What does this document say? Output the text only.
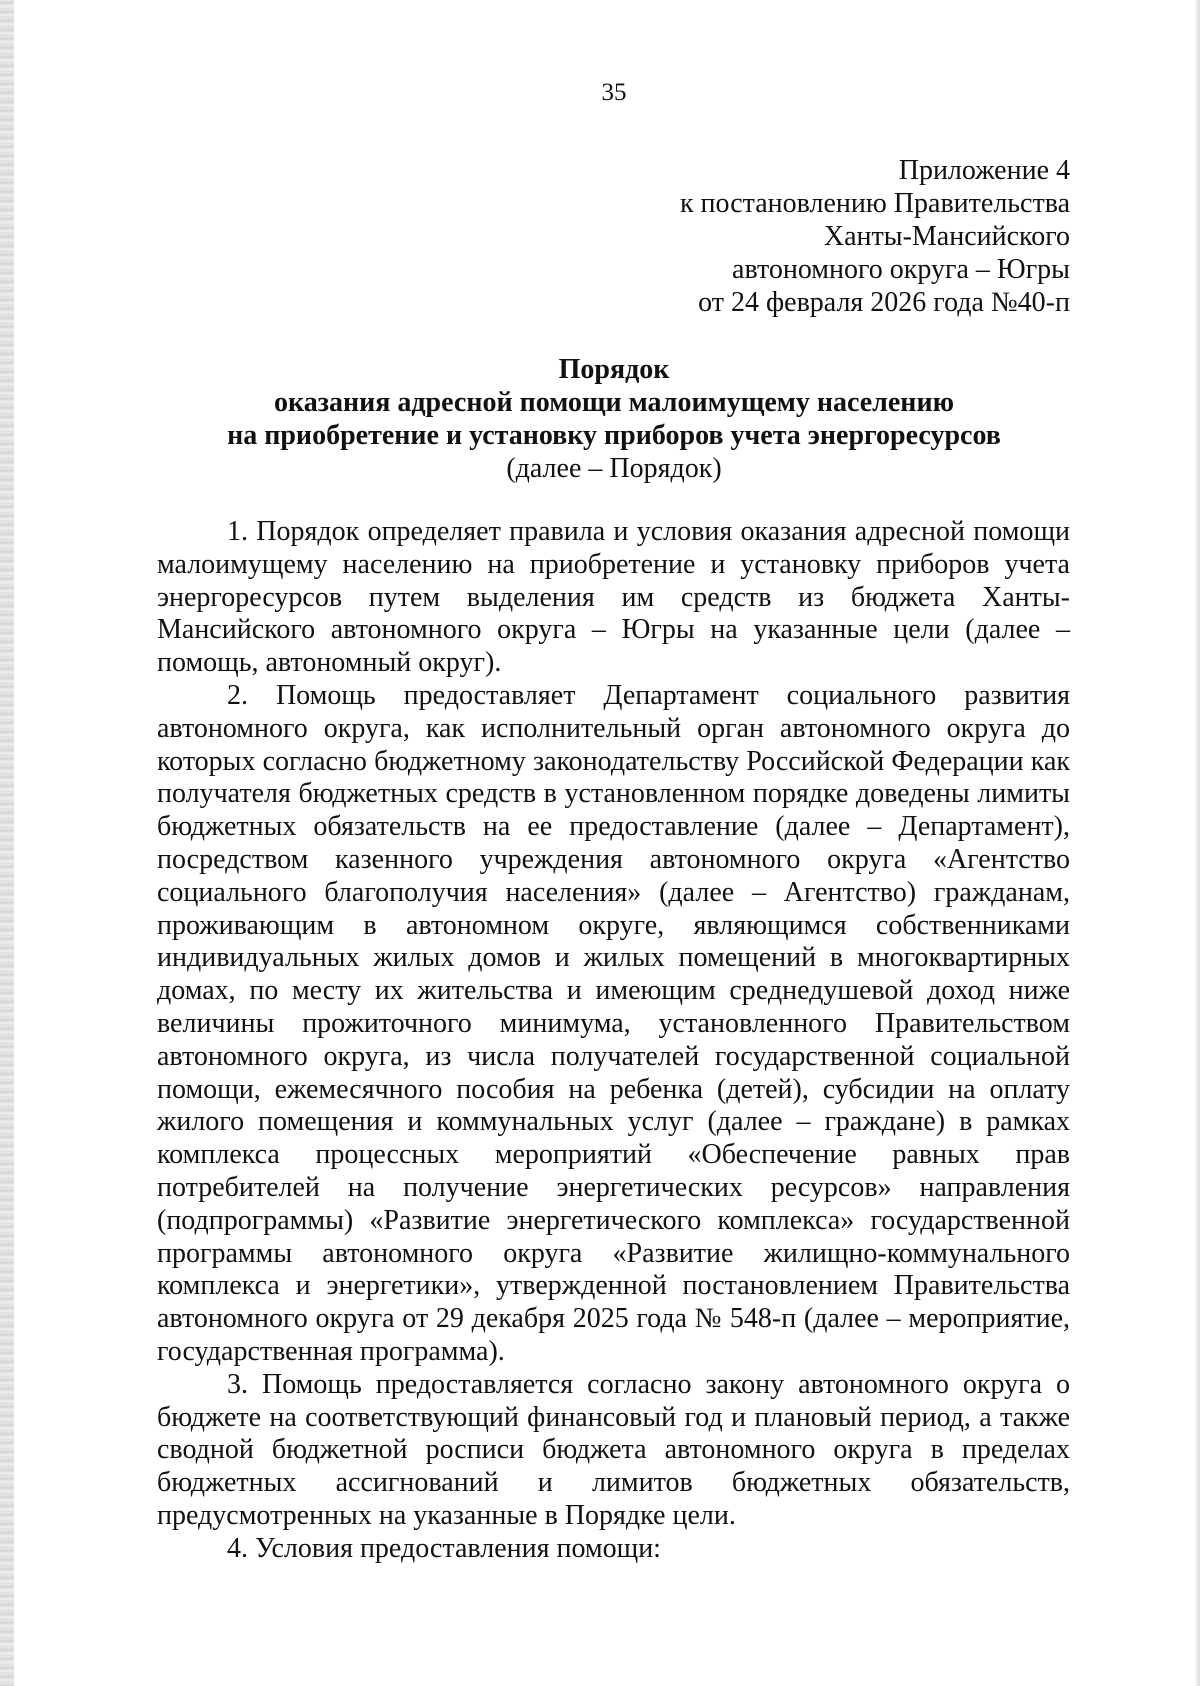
35
Приложение 4
к постановлению Правительства
Ханты-Мансийского
автономного округа – Югры
от 24 февраля 2026 года №40-п
Порядок
оказания адресной помощи малоимущему населению
на приобретение и установку приборов учета энергоресурсов
(далее – Порядок)

1. Порядок определяет правила и условия оказания адресной помощи малоимущему населению на приобретение и установку приборов учета энергоресурсов путем выделения им средств из бюджета Ханты-Мансийского автономного округа – Югры на указанные цели (далее – помощь, автономный округ).

2. Помощь предоставляет Департамент социального развития автономного округа, как исполнительный орган автономного округа до которых согласно бюджетному законодательству Российской Федерации как получателя бюджетных средств в установленном порядке доведены лимиты бюджетных обязательств на ее предоставление (далее – Департамент), посредством казенного учреждения автономного округа «Агентство социального благополучия населения» (далее – Агентство) гражданам, проживающим в автономном округе, являющимся собственниками индивидуальных жилых домов и жилых помещений в многоквартирных домах, по месту их жительства и имеющим среднедушевой доход ниже величины прожиточного минимума, установленного Правительством автономного округа, из числа получателей государственной социальной помощи, ежемесячного пособия на ребенка (детей), субсидии на оплату жилого помещения и коммунальных услуг (далее – граждане) в рамках комплекса процессных мероприятий «Обеспечение равных прав потребителей на получение энергетических ресурсов» направления (подпрограммы) «Развитие энергетического комплекса» государственной программы автономного округа «Развитие жилищно-коммунального комплекса и энергетики», утвержденной постановлением Правительства автономного округа от 29 декабря 2025 года № 548-п (далее – мероприятие, государственная программа).

3. Помощь предоставляется согласно закону автономного округа о бюджете на соответствующий финансовый год и плановый период, а также сводной бюджетной росписи бюджета автономного округа в пределах бюджетных ассигнований и лимитов бюджетных обязательств, предусмотренных на указанные в Порядке цели.

4. Условия предоставления помощи:
